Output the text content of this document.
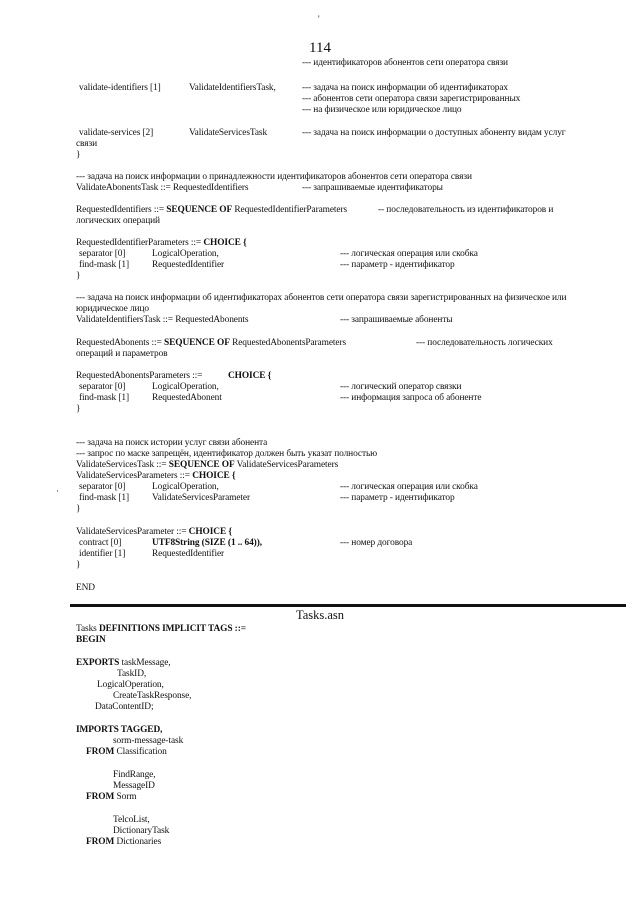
'
·
114
--- идентификаторов абонентов сети оператора связи
validate-identifiers [1]	ValidateIdentifiersTask,	--- задача на поиск информации об идентификаторах
--- абонентов сети оператора связи зарегистрированных
--- на физическое или юридическое лицо
validate-services [2]	ValidateServicesTask	--- задача на поиск информации о доступных абоненту видам услуг
связи
}
--- задача на поиск информации о принадлежности идентификаторов абонентов сети оператора связи
ValidateAbonentsTask ::= RequestedIdentifiers	--- запрашиваемые идентификаторы
RequestedIdentifiers ::= SEQUENCE OF RequestedIdentifierParameters	-- последовательность из идентификаторов и
логических операций
RequestedIdentifierParameters ::= CHOICE {
separator [0]	LogicalOperation,	--- логическая операция или скобка
find-mask [1] RequestedIdentifier	--- параметр - идентификатор
}
--- задача на поиск информации об идентификаторах абонентов сети оператора связи зарегистрированных на физическое или
юридическое лицо
ValidateIdentifiersTask ::= RequestedAbonents	--- запрашиваемые абоненты
RequestedAbonents ::= SEQUENCE OF RequestedAbonentsParameters	--- последовательность логических
операций и параметров
RequestedAbonentsParameters ::=	CHOICE {
separator [0]	LogicalOperation,	--- логический оператор связки
find-mask [1] RequestedAbonent	--- информация запроса об абоненте
}
--- задача на поиск истории услуг связи абонента
--- запрос по маске запрещён, идентификатор должен быть указат полностью
ValidateServicesTask ::= SEQUENCE OF ValidateServicesParameters
ValidateServicesParameters ::= CHOICE {
separator [0]	LogicalOperation,	--- логическая операция или скобка
find-mask [1] ValidateServicesParameter	--- параметр - идентификатор
}
ValidateServicesParameter ::= CHOICE {
contract [0]	UTF8String (SIZE (1 .. 64)),	--- номер договора
identifier [1]	RequestedIdentifier
}
END
Tasks.asn
Tasks DEFINITIONS IMPLICIT TAGS ::=
BEGIN
EXPORTS taskMessage,
TaskID,
LogicalOperation,
CreateTaskResponse,
DataContentID;
IMPORTS TAGGED,
sorm-message-task
FROM Classification
FindRange,
MessageID
FROM Sorm
TelcoList,
DictionaryTask
FROM Dictionaries
